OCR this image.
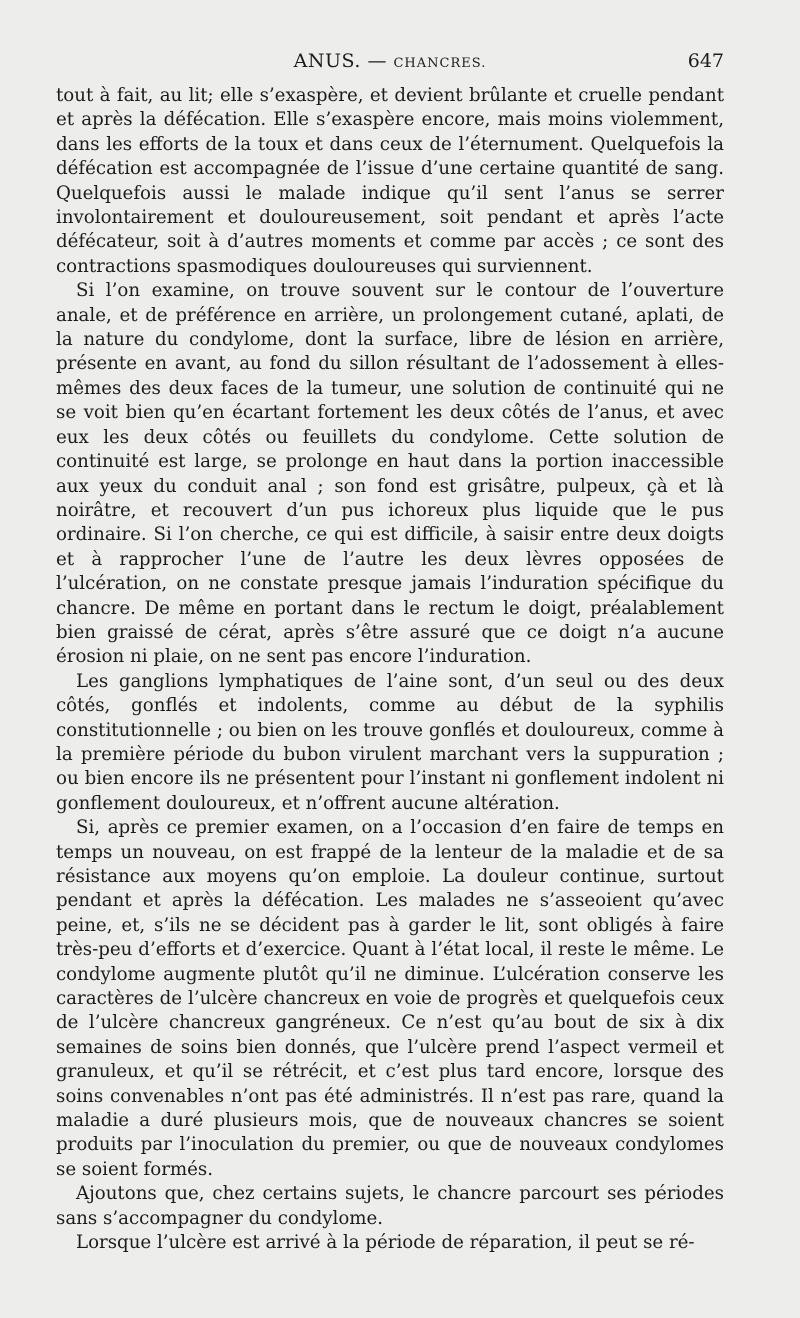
ANUS. — CHANCRES.	647

tout à fait, au lit; elle s’exaspère, et devient brûlante et cruelle pendant et après la défécation. Elle s’exaspère encore, mais moins violemment, dans les efforts de la toux et dans ceux de l’éternument. Quelquefois la défécation est accompagnée de l’issue d’une certaine quantité de sang. Quelquefois aussi le malade indique qu’il sent l’anus se serrer involontairement et douloureusement, soit pendant et après l’acte défécateur, soit à d’autres moments et comme par accès ; ce sont des contractions spasmodiques douloureuses qui surviennent.

Si l’on examine, on trouve souvent sur le contour de l’ouverture anale, et de préférence en arrière, un prolongement cutané, aplati, de la nature du condylome, dont la surface, libre de lésion en arrière, présente en avant, au fond du sillon résultant de l’adossement à elles-mêmes des deux faces de la tumeur, une solution de continuité qui ne se voit bien qu’en écartant fortement les deux côtés de l’anus, et avec eux les deux côtés ou feuillets du condylome. Cette solution de continuité est large, se prolonge en haut dans la portion inaccessible aux yeux du conduit anal ; son fond est grisâtre, pulpeux, çà et là noirâtre, et recouvert d’un pus ichoreux plus liquide que le pus ordinaire. Si l’on cherche, ce qui est difficile, à saisir entre deux doigts et à rapprocher l’une de l’autre les deux lèvres opposées de l’ulcération, on ne constate presque jamais l’induration spécifique du chancre. De même en portant dans le rectum le doigt, préalablement bien graissé de cérat, après s’être assuré que ce doigt n’a aucune érosion ni plaie, on ne sent pas encore l’induration.

Les ganglions lymphatiques de l’aine sont, d’un seul ou des deux côtés, gonflés et indolents, comme au début de la syphilis constitutionnelle ; ou bien on les trouve gonflés et douloureux, comme à la première période du bubon virulent marchant vers la suppuration ; ou bien encore ils ne présentent pour l’instant ni gonflement indolent ni gonflement douloureux, et n’offrent aucune altération.

Si, après ce premier examen, on a l’occasion d’en faire de temps en temps un nouveau, on est frappé de la lenteur de la maladie et de sa résistance aux moyens qu’on emploie. La douleur continue, surtout pendant et après la défécation. Les malades ne s’asseoient qu’avec peine, et, s’ils ne se décident pas à garder le lit, sont obligés à faire très-peu d’efforts et d’exercice. Quant à l’état local, il reste le même. Le condylome augmente plutôt qu’il ne diminue. L’ulcération conserve les caractères de l’ulcère chancreux en voie de progrès et quelquefois ceux de l’ulcère chancreux gangréneux. Ce n’est qu’au bout de six à dix semaines de soins bien donnés, que l’ulcère prend l’aspect vermeil et granuleux, et qu’il se rétrécit, et c’est plus tard encore, lorsque des soins convenables n’ont pas été administrés. Il n’est pas rare, quand la maladie a duré plusieurs mois, que de nouveaux chancres se soient produits par l’inoculation du premier, ou que de nouveaux condylomes se soient formés.

Ajoutons que, chez certains sujets, le chancre parcourt ses périodes sans s’accompagner du condylome.

Lorsque l’ulcère est arrivé à la période de réparation, il peut se ré-
